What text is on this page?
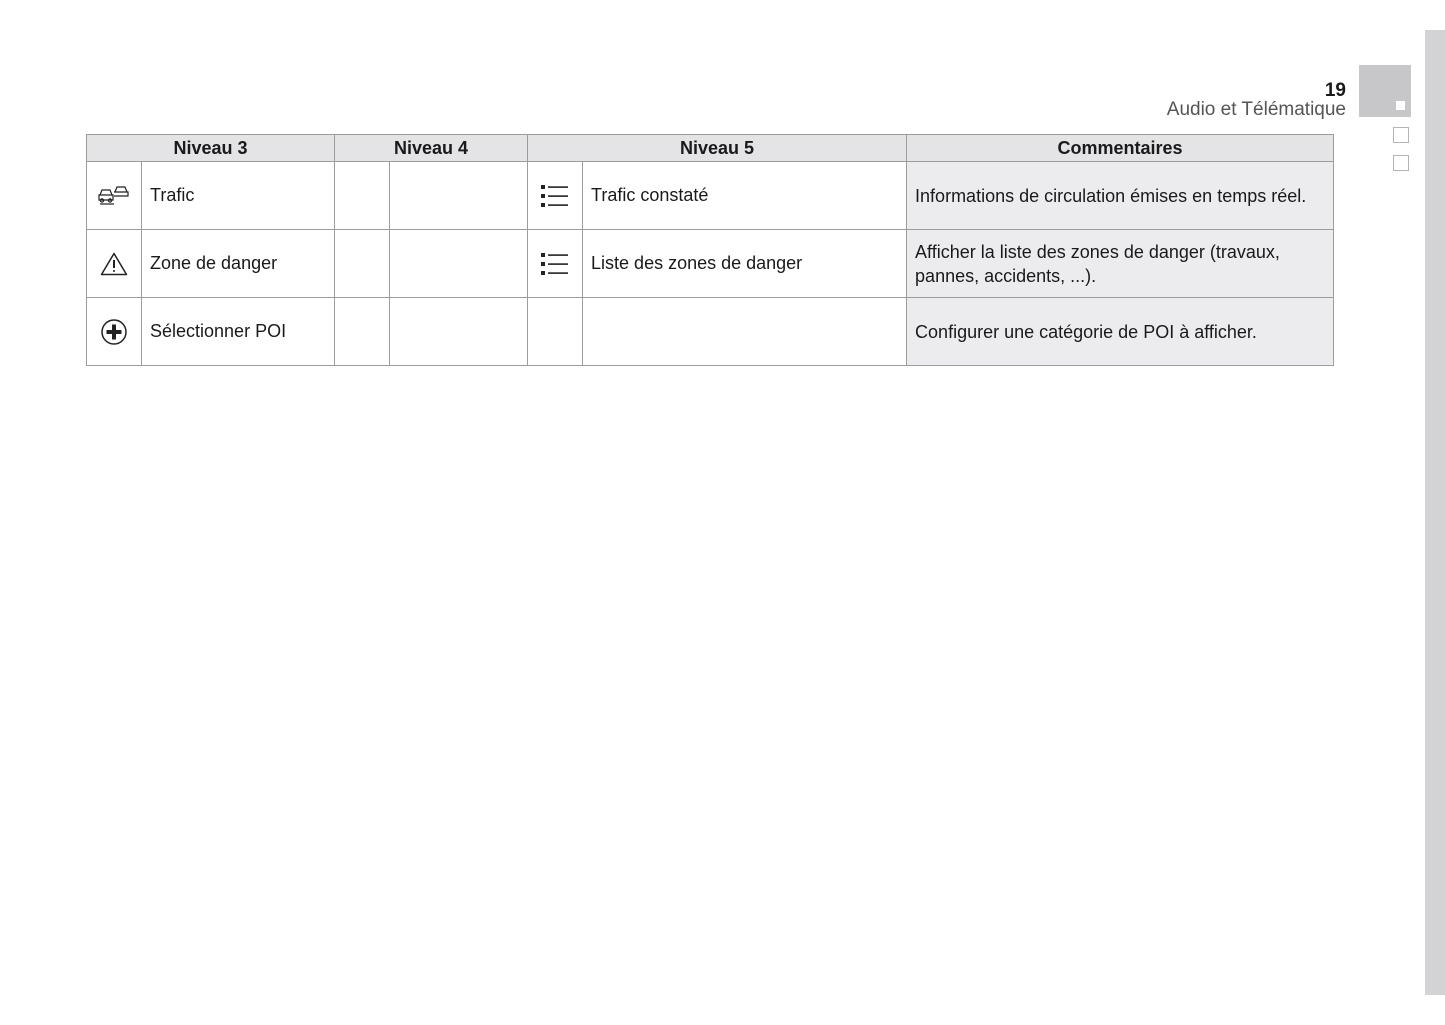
19
Audio et Télématique
Niveau 3		Niveau 4		Niveau 5		Commentaires
	Trafic				Trafic constaté	Informations de circulation émises en temps réel.
	Zone de danger				Liste des zones de danger	Afficher la liste des zones de danger (travaux, pannes, accidents, ...).
	Sélectionner POI					Configurer une catégorie de POI à afficher.
